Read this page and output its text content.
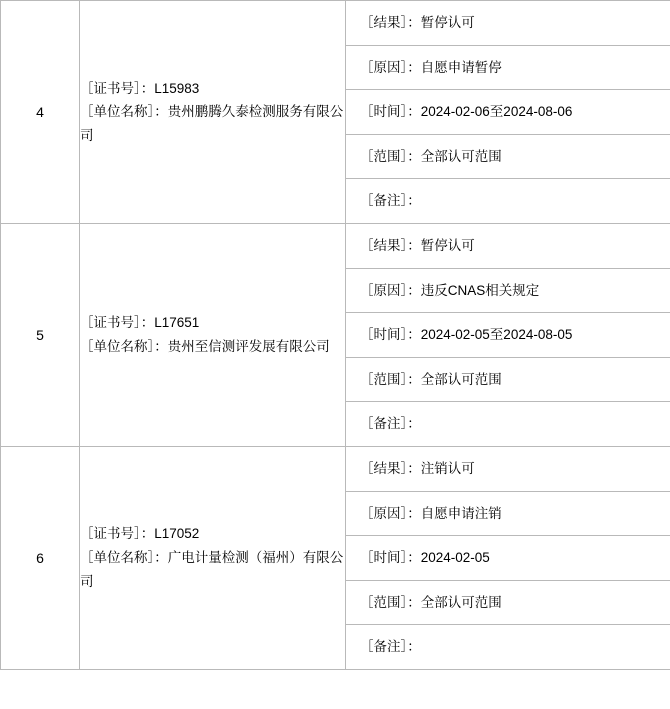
4	
［证书号］：L15983
［单位名称］：贵州鹏腾久泰检测服务有限公司

［结果］：暂停认可
［原因］：自愿申请暂停
［时间］：2024-02-06至2024-08-06
［范围］：全部认可范围
［备注］：

5	
［证书号］：L17651
［单位名称］：贵州至信测评发展有限公司

［结果］：暂停认可
［原因］：违反CNAS相关规定
［时间］：2024-02-05至2024-08-05
［范围］：全部认可范围
［备注］：

6	
［证书号］：L17052
［单位名称］：广电计量检测（福州）有限公司

［结果］：注销认可
［原因］：自愿申请注销
［时间］：2024-02-05
［范围］：全部认可范围
［备注］：
